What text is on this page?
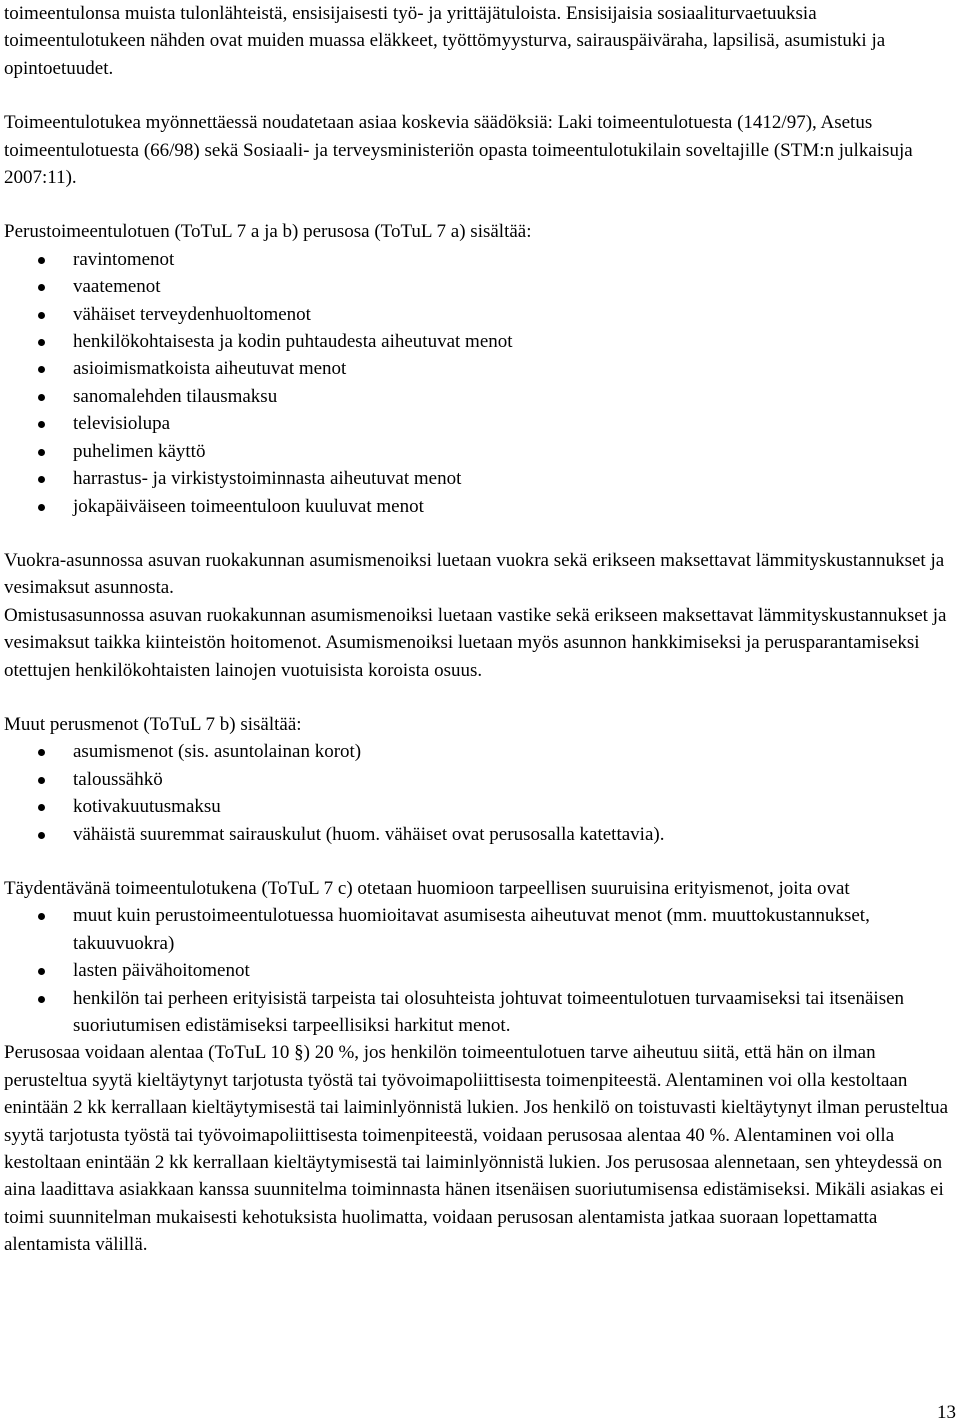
toimeentulonsa muista tulonlähteistä, ensisijaisesti työ- ja yrittäjätuloista. Ensisijaisia sosiaaliturvaetuuksia toimeentulotukeen nähden ovat muiden muassa eläkkeet, työttömyysturva, sairauspäiväraha, lapsilisä, asumistuki ja opintoetuudet.

Toimeentulotukea myönnettäessä noudatetaan asiaa koskevia säädöksiä: Laki toimeentulotuesta (1412/97), Asetus toimeentulotuesta (66/98) sekä Sosiaali- ja terveysministeriön opasta toimeentulotukilain soveltajille (STM:n julkaisuja 2007:11).

Perustoimeentulotuen (ToTuL 7 a ja b) perusosa (ToTuL 7 a) sisältää:

ravintomenot
vaatemenot
vähäiset terveydenhuoltomenot
henkilökohtaisesta ja kodin puhtaudesta aiheutuvat menot
asioimismatkoista aiheutuvat menot
sanomalehden tilausmaksu
televisiolupa
puhelimen käyttö
harrastus- ja virkistystoiminnasta aiheutuvat menot
jokapäiväiseen toimeentuloon kuuluvat menot

Vuokra-asunnossa asuvan ruokakunnan asumismenoiksi luetaan vuokra sekä erikseen maksettavat lämmityskustannukset ja vesimaksut asunnosta.

Omistusasunnossa asuvan ruokakunnan asumismenoiksi luetaan vastike sekä erikseen maksettavat lämmityskustannukset ja vesimaksut taikka kiinteistön hoitomenot. Asumismenoiksi luetaan myös asunnon hankkimiseksi ja perusparantamiseksi otettujen henkilökohtaisten lainojen vuotuisista koroista osuus.

Muut perusmenot (ToTuL 7 b) sisältää:

asumismenot (sis. asuntolainan korot)
taloussähkö
kotivakuutusmaksu
vähäistä suuremmat sairauskulut (huom. vähäiset ovat perusosalla katettavia).

Täydentävänä toimeentulotukena (ToTuL 7 c) otetaan huomioon tarpeellisen suuruisina erityismenot, joita ovat

muut kuin perustoimeentulotuessa huomioitavat asumisesta aiheutuvat menot (mm. muuttokustannukset, takuuvuokra)
lasten päivähoitomenot
henkilön tai perheen erityisistä tarpeista tai olosuhteista johtuvat toimeentulotuen turvaamiseksi tai itsenäisen suoriutumisen edistämiseksi tarpeellisiksi harkitut menot.

Perusosaa voidaan alentaa (ToTuL 10 §) 20 %, jos henkilön toimeentulotuen tarve aiheutuu siitä, että hän on ilman perusteltua syytä kieltäytynyt tarjotusta työstä tai työvoimapoliittisesta toimenpiteestä. Alentaminen voi olla kestoltaan enintään 2 kk kerrallaan kieltäytymisestä tai laiminlyönnistä lukien. Jos henkilö on toistuvasti kieltäytynyt ilman perusteltua syytä tarjotusta työstä tai työvoimapoliittisesta toimenpiteestä, voidaan perusosaa alentaa 40 %. Alentaminen voi olla kestoltaan enintään 2 kk kerrallaan kieltäytymisestä tai laiminlyönnistä lukien. Jos perusosaa alennetaan, sen yhteydessä on aina laadittava asiakkaan kanssa suunnitelma toiminnasta hänen itsenäisen suoriutumisensa edistämiseksi. Mikäli asiakas ei toimi suunnitelman mukaisesti kehotuksista huolimatta, voidaan perusosan alentamista jatkaa suoraan lopettamatta alentamista välillä.

13
